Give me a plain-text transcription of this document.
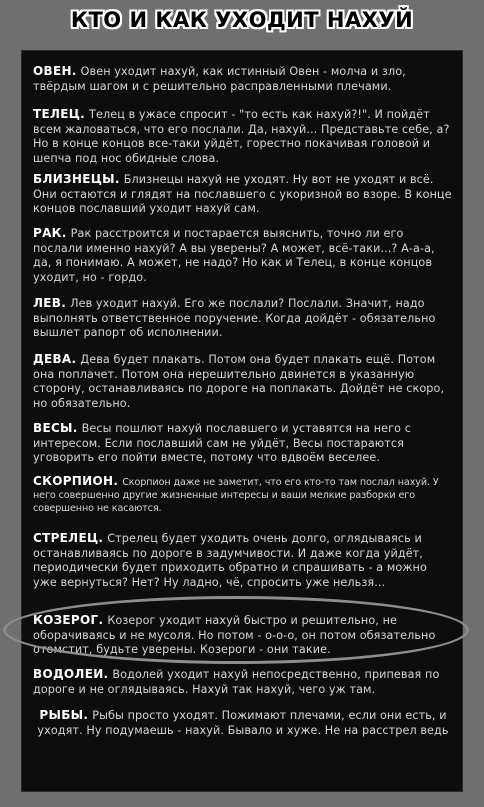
КТО И КАК УХОДИТ НАХУЙ
ОВЕН. Овен уходит нахуй, как истинный Овен - молча и зло, твёрдым шагом и с решительно расправленными плечами.
ТЕЛЕЦ. Телец в ужасе спросит - "то есть как нахуй?!". И пойдёт всем жаловаться, что его послали. Да, нахуй... Представьте себе, а? Но в конце концов все-таки уйдёт, горестно покачивая головой и шепча под нос обидные слова.
БЛИЗНЕЦЫ. Близнецы нахуй не уходят. Ну вот не уходят и всё. Они остаются и глядят на пославшего с укоризной во взоре. В конце концов пославший уходит нахуй сам.
РАК. Рак расстроится и постарается выяснить, точно ли его послали именно нахуй? А вы уверены? А может, всё-таки...? А-а-а, да, я понимаю. А может, не надо? Но как и Телец, в конце концов уходит, но - гордо.
ЛЕВ. Лев уходит нахуй. Его же послали? Послали. Значит, надо выполнять ответственное поручение. Когда дойдёт - обязательно вышлет рапорт об исполнении.
ДЕВА. Дева будет плакать. Потом она будет плакать ещё. Потом она поплачет. Потом она нерешительно двинется в указанную сторону, останавливаясь по дороге на поплакать. Дойдёт не скоро, но обязательно.
ВЕСЫ. Весы пошлют нахуй пославшего и уставятся на него с интересом. Если пославший сам не уйдёт, Весы постараются уговорить его пойти вместе, потому что вдвоём веселее.
СКОРПИОН. Скорпион даже не заметит, что его кто-то там послал нахуй. У него совершенно другие жизненные интересы и ваши мелкие разборки его совершенно не касаются.
СТРЕЛЕЦ. Стрелец будет уходить очень долго, оглядываясь и останавливаясь по дороге в задумчивости. И даже когда уйдёт, периодически будет приходить обратно и спрашивать - а можно уже вернуться? Нет? Ну ладно, чё, спросить уже нельзя...
КОЗЕРОГ. Козерог уходит нахуй быстро и решительно, не оборачиваясь и не мусоля. Но потом - о-о-о, он потом обязательно отомстит, будьте уверены. Козероги - они такие.
ВОДОЛЕИ. Водолей уходит нахуй непосредственно, припевая по дороге и не оглядываясь. Нахуй так нахуй, чего уж там.
РЫБЫ. Рыбы просто уходят. Пожимают плечами, если они есть, и уходят. Ну подумаешь - нахуй. Бывало и хуже. Не на расстрел ведь
